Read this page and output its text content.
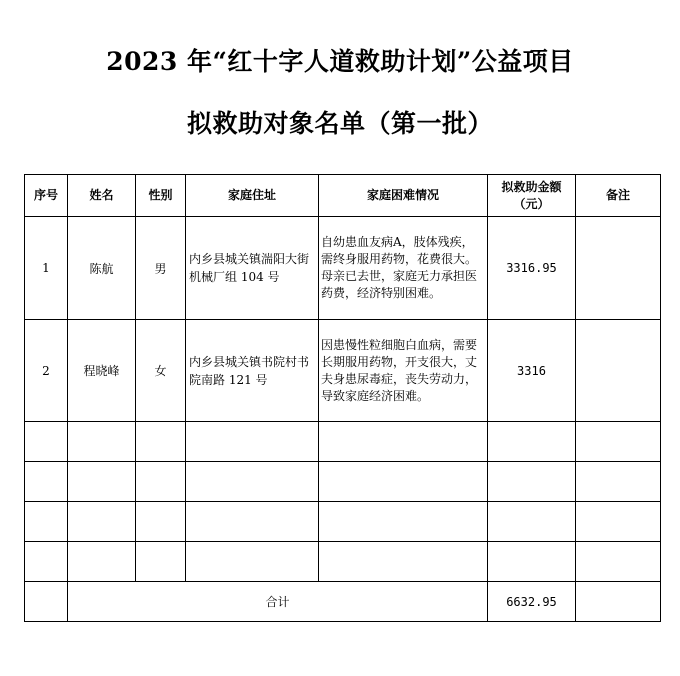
2023 年“红十字人道救助计划”公益项目
拟救助对象名单（第一批）
序号	姓名	性别	家庭住址	家庭困难情况	拟救助金额（元）	备注
1	陈航	男	内乡县城关镇湍阳大街机械厂组 104 号	自幼患血友病A，肢体残疾，需终身服用药物，花费很大。母亲已去世，家庭无力承担医药费，经济特别困难。	3316.95	
2	程晓峰	女	内乡县城关镇书院村书院南路 121 号	因患慢性粒细胞白血病，需要长期服用药物，开支很大，丈夫身患尿毒症，丧失劳动力，导致家庭经济困难。	3316	

	合计				6632.95	
